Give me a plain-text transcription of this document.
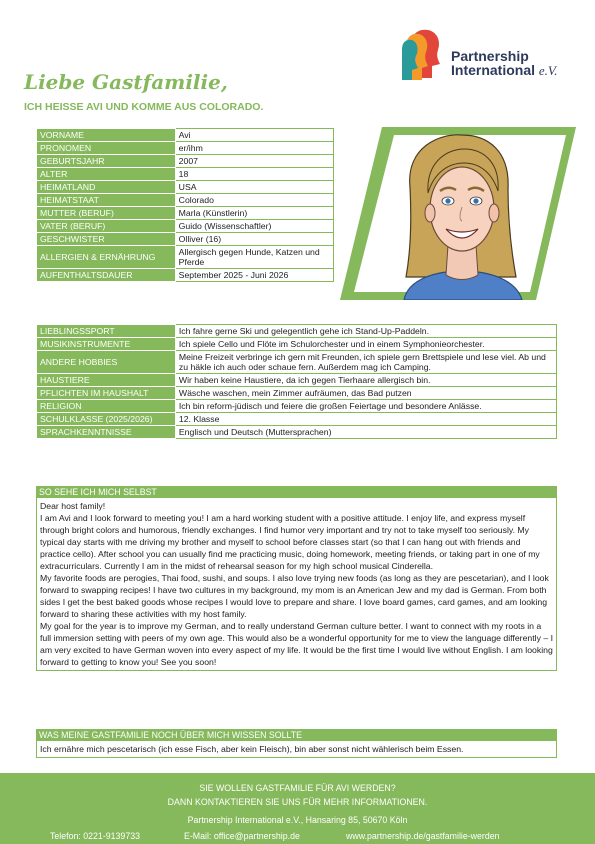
Partnership
International e.V.
Liebe Gastfamilie,
ICH HEISSE AVI UND KOMME AUS COLORADO.
VORNAME	Avi
PRONOMEN	er/ihm
GEBURTSJAHR	2007
ALTER	18
HEIMATLAND	USA
HEIMATSTAAT	Colorado
MUTTER (BERUF)	Marla (Künstlerin)
VATER (BERUF)	Guido (Wissenschaftler)
GESCHWISTER	Olliver (16)
ALLERGIEN & ERNÄHRUNG	Allergisch gegen Hunde, Katzen und Pferde
AUFENTHALTSDAUER	September 2025 - Juni 2026
LIEBLINGSSPORT	Ich fahre gerne Ski und gelegentlich gehe ich Stand-Up-Paddeln.
MUSIKINSTRUMENTE	Ich spiele Cello und Flöte im Schulorchester und in einem Symphonieorchester.
ANDERE HOBBIES	Meine Freizeit verbringe ich gern mit Freunden, ich spiele gern Brettspiele und lese viel. Ab und zu häkle ich auch oder schaue fern. Außerdem mag ich Camping.
HAUSTIERE	Wir haben keine Haustiere, da ich gegen Tierhaare allergisch bin.
PFLICHTEN IM HAUSHALT	Wäsche waschen, mein Zimmer aufräumen, das Bad putzen
RELIGION	Ich bin reform-jüdisch und feiere die großen Feiertage und besondere Anlässe.
SCHULKLASSE (2025/2026)	12. Klasse
SPRACHKENNTNISSE	Englisch und Deutsch (Muttersprachen)
SO SEHE ICH MICH SELBST
Dear host family!
I am Avi and I look forward to meeting you! I am a hard working student with a positive attitude. I enjoy life, and express myself through bright colors and humorous, friendly exchanges. I find humor very important and try not to take myself too seriously. My typical day starts with me driving my brother and myself to school before classes start (so that I can hang out with friends and practice cello). After school you can usually find me practicing music, doing homework, meeting friends, or taking part in one of my extracurriculars. Currently I am in the midst of rehearsal season for my high school musical Cinderella.
My favorite foods are perogies, Thai food, sushi, and soups. I also love trying new foods (as long as they are pescetarian), and I look forward to swapping recipes! I have two cultures in my background, my mom is an American Jew and my dad is German. From both sides I get the best baked goods whose recipes I would love to prepare and share. I love board games, card games, and am looking forward to sharing these activities with my host family.
My goal for the year is to improve my German, and to really understand German culture better. I want to connect with my roots in a full immersion setting with peers of my own age. This would also be a wonderful opportunity for me to view the language differently – I am very excited to have German woven into every aspect of my life. It would be the first time I would live without English. I am looking forward to getting to know you! See you soon!
WAS MEINE GASTFAMILIE NOCH ÜBER MICH WISSEN SOLLTE
Ich ernähre mich pescetarisch (ich esse Fisch, aber kein Fleisch), bin aber sonst nicht wählerisch beim Essen.
SIE WOLLEN GASTFAMILIE FÜR AVI WERDEN?
DANN KONTAKTIEREN SIE UNS FÜR MEHR INFORMATIONEN.
Partnership International e.V., Hansaring 85, 50670 Köln
Telefon: 0221-9139733	E-Mail: office@partnership.de	www.partnership.de/gastfamilie-werden
